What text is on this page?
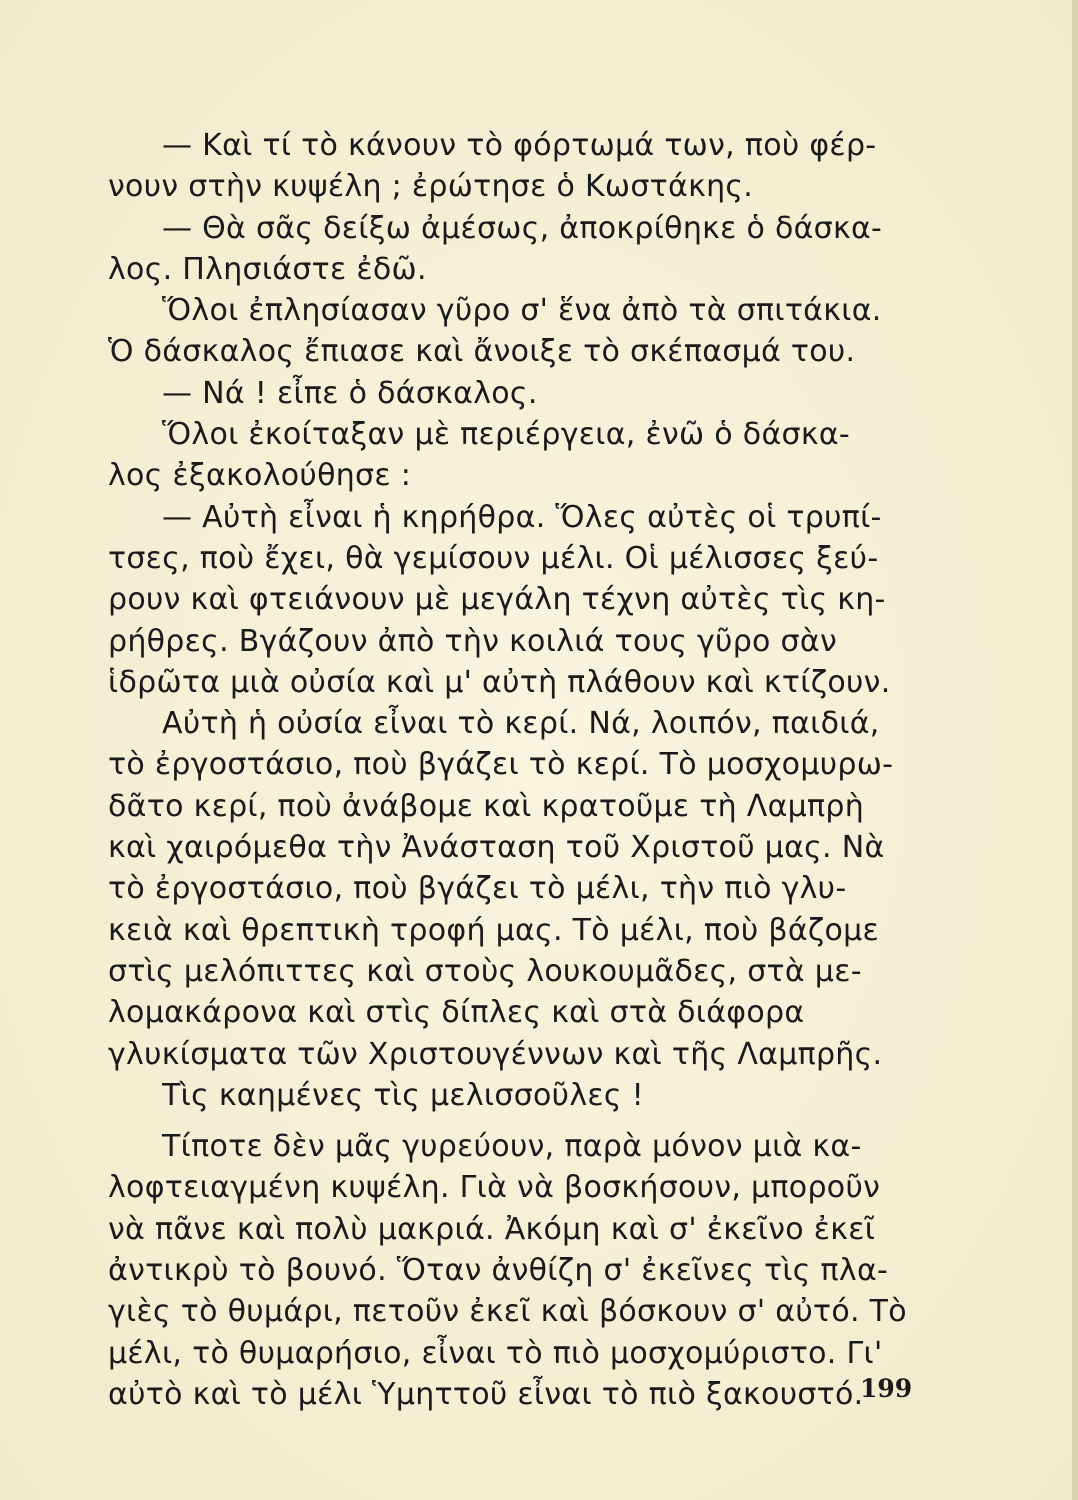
— Καὶ τί τὸ κάνουν τὸ φόρτωμά των, ποὺ φέρ-
νουν στὴν κυψέλη ; ἐρώτησε ὁ Κωστάκης.
— Θὰ σᾶς δείξω ἀμέσως, ἀποκρίθηκε ὁ δάσκα-
λος. Πλησιάστε ἐδῶ.
Ὅλοι ἐπλησίασαν γῦρο σ' ἕνα ἀπὸ τὰ σπιτάκια.
Ὁ δάσκαλος ἔπιασε καὶ ἄνοιξε τὸ σκέπασμά του.
— Νά ! εἶπε ὁ δάσκαλος.
Ὅλοι ἐκοίταξαν μὲ περιέργεια, ἐνῶ ὁ δάσκα-
λος ἐξακολούθησε :
— Αὐτὴ εἶναι ἡ κηρήθρα. Ὅλες αὐτὲς οἱ τρυπί-
τσες, ποὺ ἔχει, θὰ γεμίσουν μέλι. Οἱ μέλισσες ξεύ-
ρουν καὶ φτειάνουν μὲ μεγάλη τέχνη αὐτὲς τὶς κη-
ρήθρες. Βγάζουν ἀπὸ τὴν κοιλιά τους γῦρο σὰν
ἱδρῶτα μιὰ οὐσία καὶ μ' αὐτὴ πλάθουν καὶ κτίζουν.
Αὐτὴ ἡ οὐσία εἶναι τὸ κερί. Νά, λοιπόν, παιδιά,
τὸ ἐργοστάσιο, ποὺ βγάζει τὸ κερί. Τὸ μοσχομυρω-
δᾶτο κερί, ποὺ ἀνάβομε καὶ κρατοῦμε τὴ Λαμπρὴ
καὶ χαιρόμεθα τὴν Ἀνάσταση τοῦ Χριστοῦ μας. Νὰ
τὸ ἐργοστάσιο, ποὺ βγάζει τὸ μέλι, τὴν πιὸ γλυ-
κειὰ καὶ θρεπτικὴ τροφή μας. Τὸ μέλι, ποὺ βάζομε
στὶς μελόπιττες καὶ στοὺς λουκουμᾶδες, στὰ με-
λομακάρονα καὶ στὶς δίπλες καὶ στὰ διάφορα
γλυκίσματα τῶν Χριστουγέννων καὶ τῆς Λαμπρῆς.
Τὶς καημένες τὶς μελισσοῦλες !
Τίποτε δὲν μᾶς γυρεύουν, παρὰ μόνον μιὰ κα-
λοφτειαγμένη κυψέλη. Γιὰ νὰ βοσκήσουν, μποροῦν
νὰ πᾶνε καὶ πολὺ μακριά. Ἀκόμη καὶ σ' ἐκεῖνο ἐκεῖ
ἀντικρὺ τὸ βουνό. Ὅταν ἀνθίζη σ' ἐκεῖνες τὶς πλα-
γιὲς τὸ θυμάρι, πετοῦν ἐκεῖ καὶ βόσκουν σ' αὐτό. Τὸ
μέλι, τὸ θυμαρήσιο, εἶναι τὸ πιὸ μοσχομύριστο. Γι'
αὐτὸ καὶ τὸ μέλι Ὑμηττοῦ εἶναι τὸ πιὸ ξακουστό.
199
